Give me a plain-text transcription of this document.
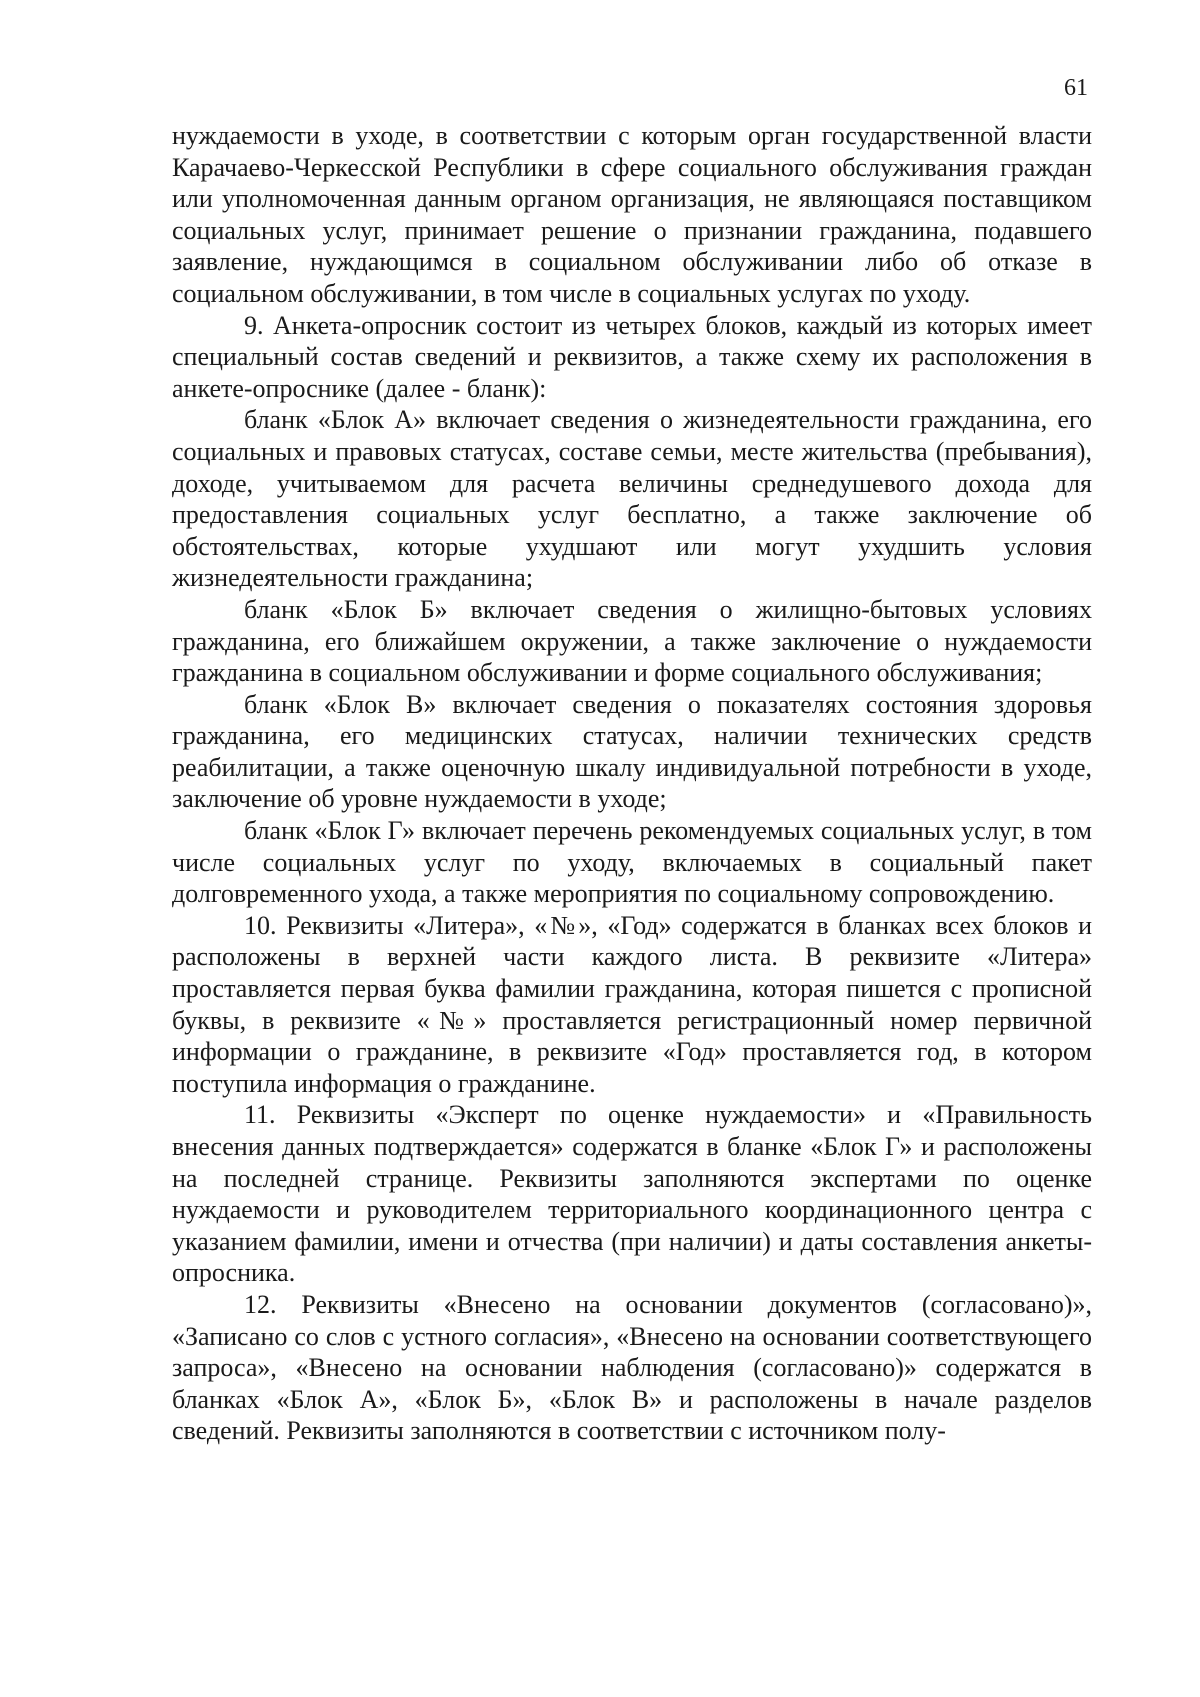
61

нуждаемости в уходе, в соответствии с которым орган государственной власти Карачаево-Черкесской Республики в сфере социального обслуживания граждан или уполномоченная данным органом организация, не являющаяся поставщиком социальных услуг, принимает решение о признании гражданина, подавшего заявление, нуждающимся в социальном обслуживании либо об отказе в социальном обслуживании, в том числе в социальных услугах по уходу.

9. Анкета-опросник состоит из четырех блоков, каждый из которых имеет специальный состав сведений и реквизитов, а также схему их расположения в анкете-опроснике (далее - бланк):

бланк «Блок А» включает сведения о жизнедеятельности гражданина, его социальных и правовых статусах, составе семьи, месте жительства (пребывания), доходе, учитываемом для расчета величины среднедушевого дохода для предоставления социальных услуг бесплатно, а также заключение об обстоятельствах, которые ухудшают или могут ухудшить условия жизнедеятельности гражданина;

бланк «Блок Б» включает сведения о жилищно-бытовых условиях гражданина, его ближайшем окружении, а также заключение о нуждаемости гражданина в социальном обслуживании и форме социального обслуживания;

бланк «Блок В» включает сведения о показателях состояния здоровья гражданина, его медицинских статусах, наличии технических средств реабилитации, а также оценочную шкалу индивидуальной потребности в уходе, заключение об уровне нуждаемости в уходе;

бланк «Блок Г» включает перечень рекомендуемых социальных услуг, в том числе социальных услуг по уходу, включаемых в социальный пакет долговременного ухода, а также мероприятия по социальному сопровождению.

10. Реквизиты «Литера», «№», «Год» содержатся в бланках всех блоков и расположены в верхней части каждого листа. В реквизите «Литера» проставляется первая буква фамилии гражданина, которая пишется с прописной буквы, в реквизите «№» проставляется регистрационный номер первичной информации о гражданине, в реквизите «Год» проставляется год, в котором поступила информация о гражданине.

11. Реквизиты «Эксперт по оценке нуждаемости» и «Правильность внесения данных подтверждается» содержатся в бланке «Блок Г» и расположены на последней странице. Реквизиты заполняются экспертами по оценке нуждаемости и руководителем территориального координационного центра с указанием фамилии, имени и отчества (при наличии) и даты составления анкеты-опросника.

12. Реквизиты «Внесено на основании документов (согласовано)», «Записано со слов с устного согласия», «Внесено на основании соответствующего запроса», «Внесено на основании наблюдения (согласовано)» содержатся в бланках «Блок А», «Блок Б», «Блок В» и расположены в начале разделов сведений. Реквизиты заполняются в соответствии с источником полу-
